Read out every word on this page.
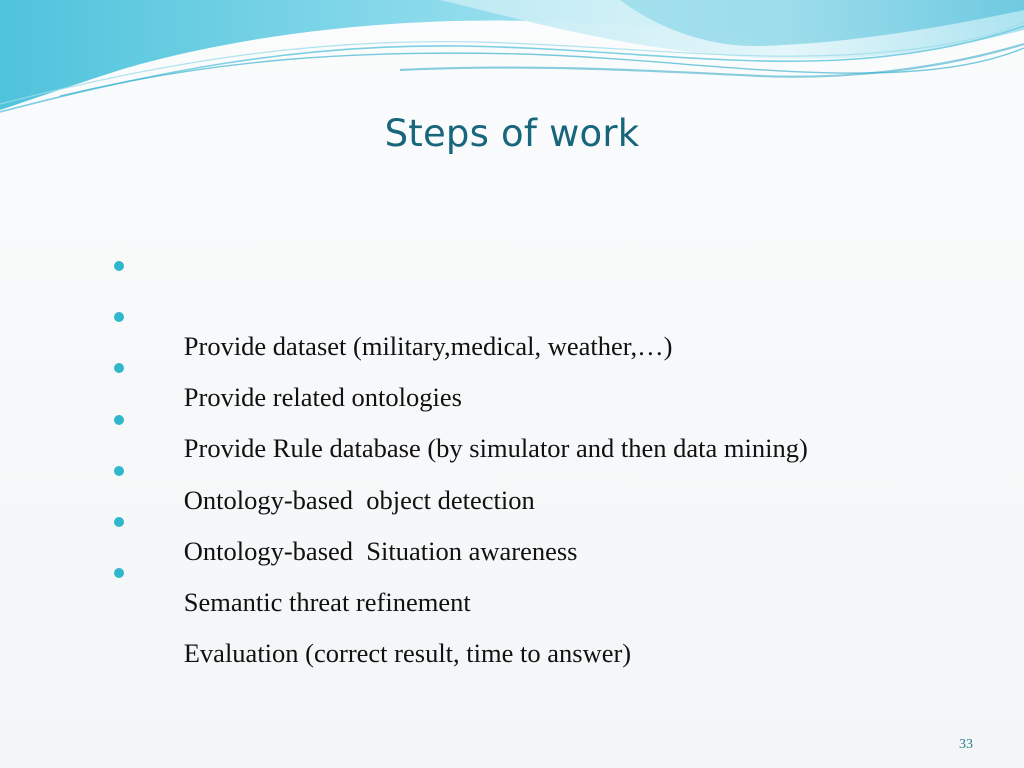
Steps of work

Provide dataset (military,medical, weather,…)

Provide related ontologies

Provide Rule database (by simulator and then data mining)

Ontology-based  object detection

Ontology-based  Situation awareness

Semantic threat refinement

Evaluation (correct result, time to answer)

33
